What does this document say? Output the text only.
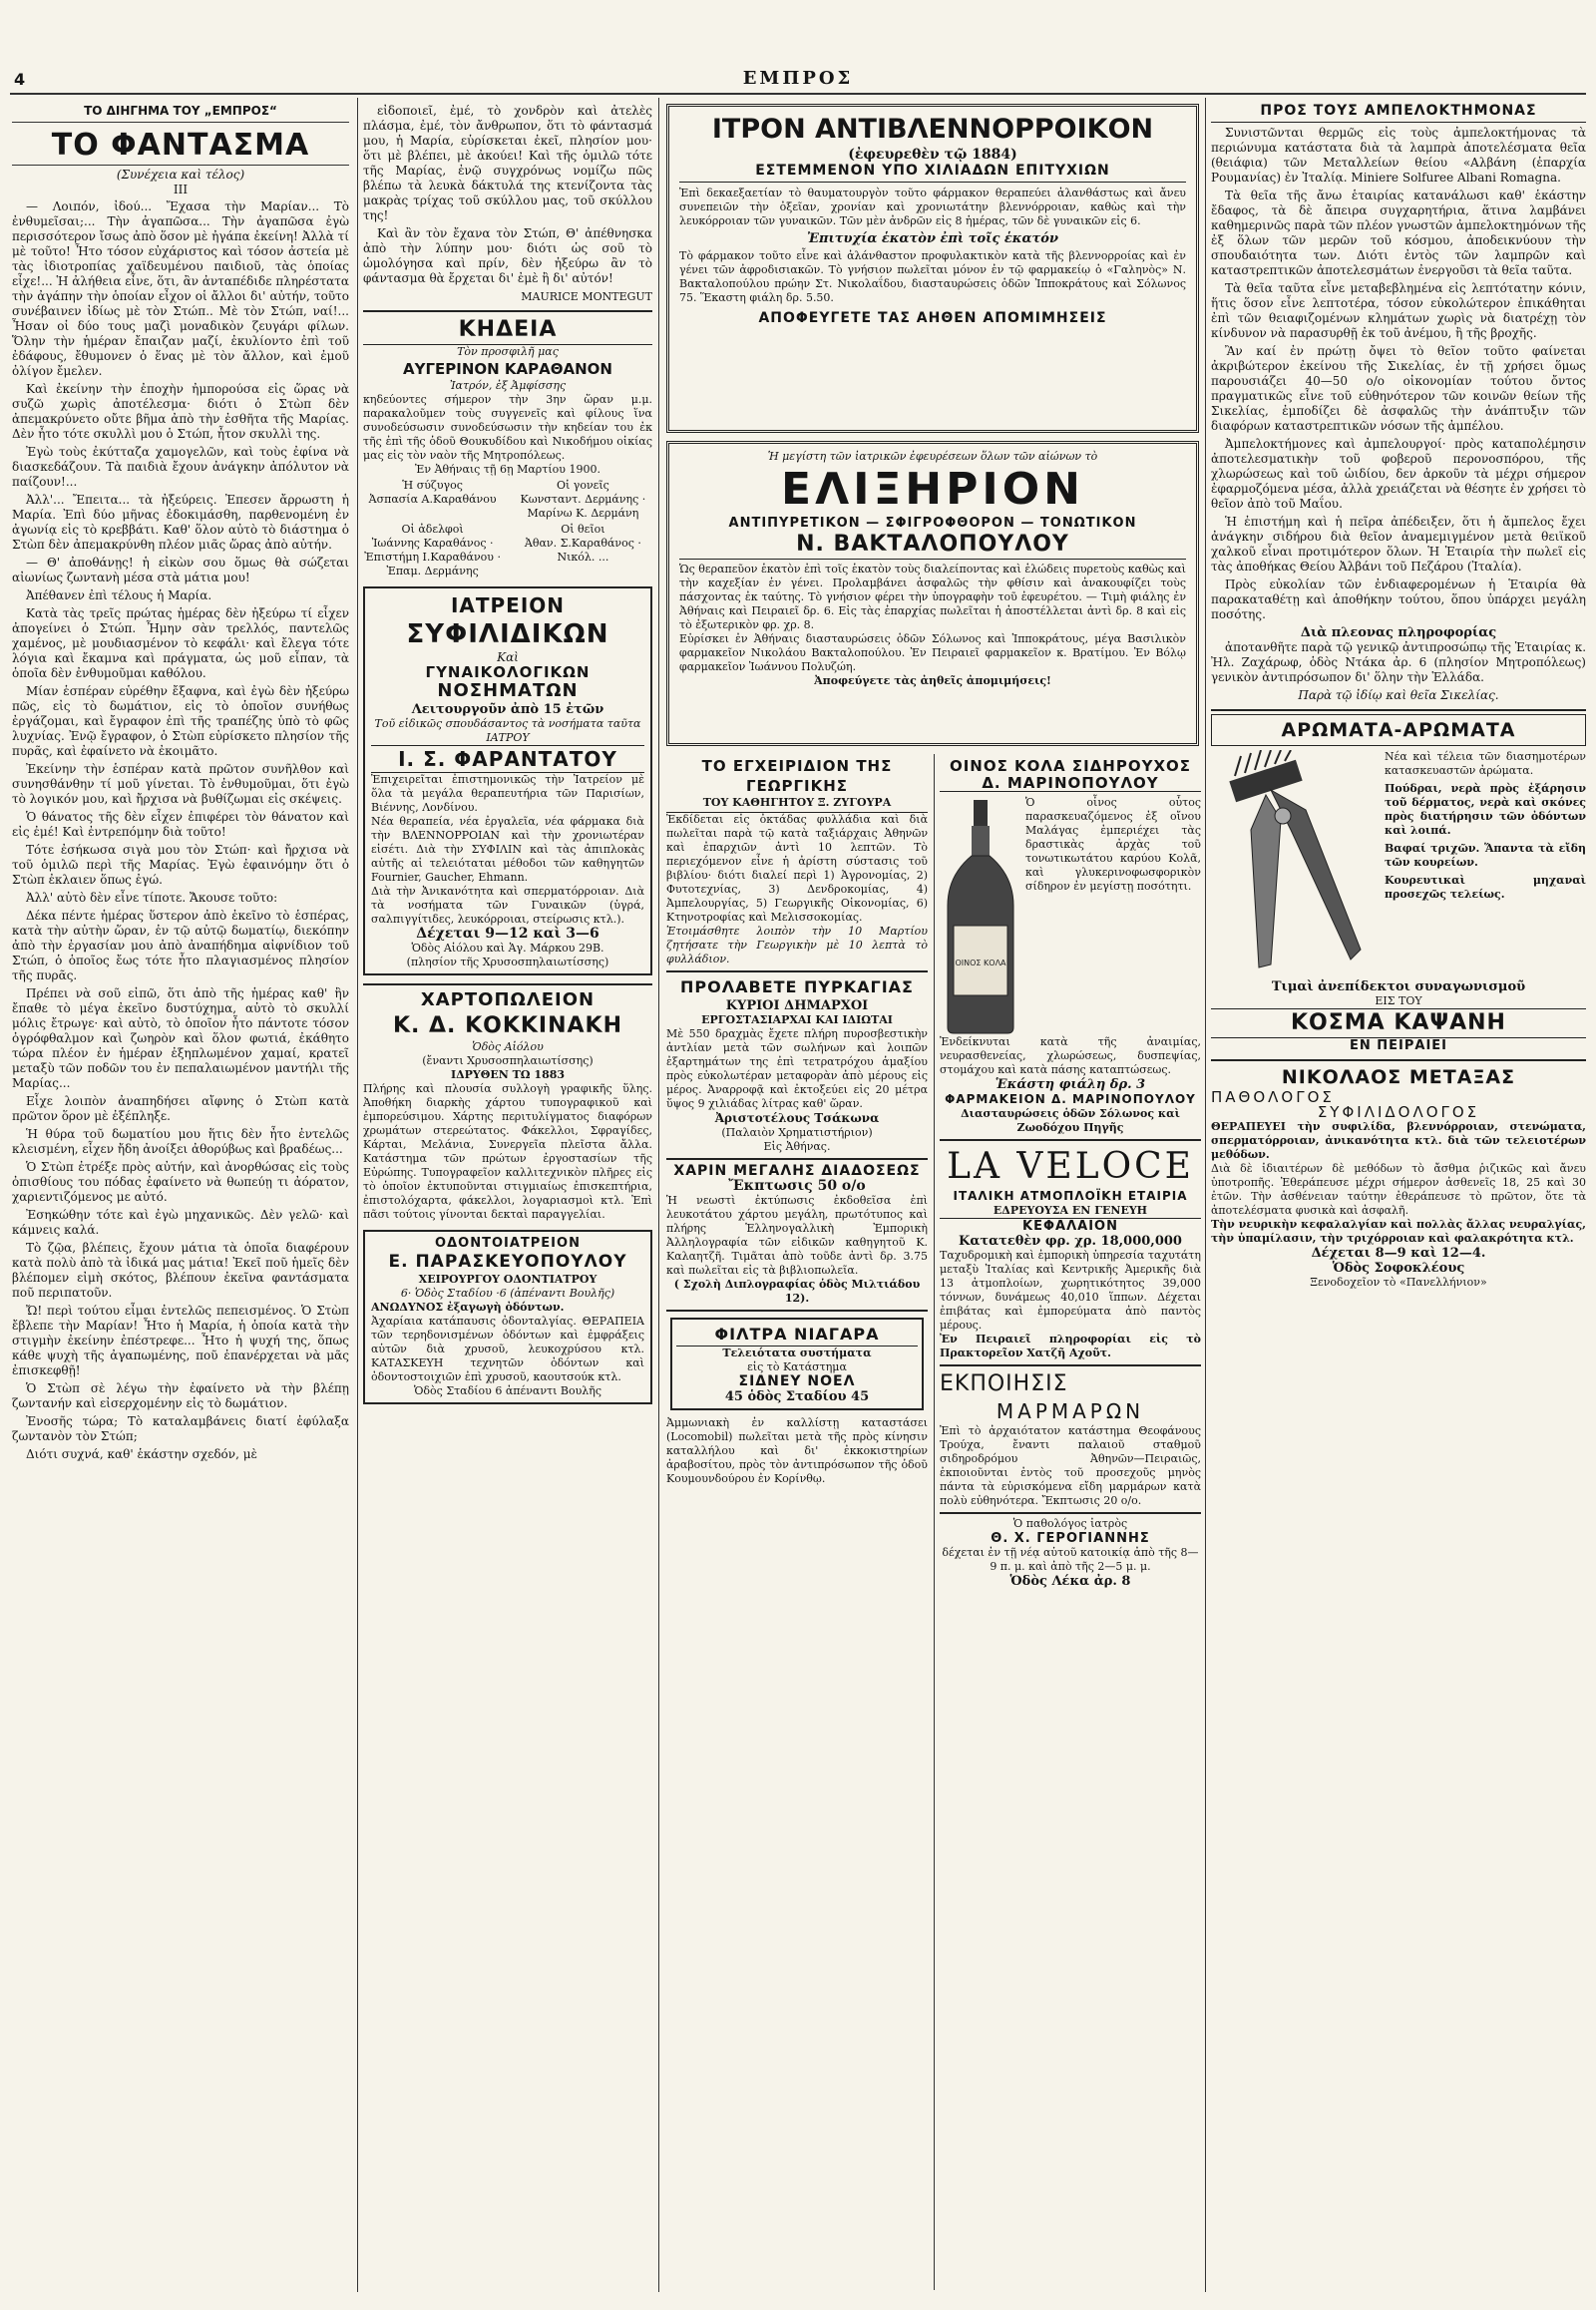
4	ΕΜΠΡΟΣ
ΤΟ ΔΙΗΓΗΜΑ ΤΟΥ „ΕΜΠΡΟΣ“
ΤΟ ΦΑΝΤΑΣΜΑ
(Συνέχεια καὶ τέλος)
III

— Λοιπόν, ἰδού... Ἔχασα τὴν Μαρίαν... Τὸ ἐνθυμεῖσαι;... Τὴν ἀγαπῶσα... Τὴν ἀγαπῶσα ἐγὼ περισσότερον ἴσως ἀπὸ ὅσον μὲ ἠγάπα ἐκείνη! Ἀλλὰ τί μὲ τοῦτο! Ἦτο τόσον εὐχάριστος καὶ τόσον ἀστεία μὲ τὰς ἰδιοτροπίας χαϊδευμένου παιδιοῦ, τὰς ὁποίας εἶχε!... Ἡ ἀλήθεια εἶνε, ὅτι, ἂν ἀνταπέδιδε πληρέστατα τὴν ἀγάπην τὴν ὁποίαν εἶχον οἱ ἄλλοι δι' αὐτήν, τοῦτο συνέβαινεν ἰδίως μὲ τὸν Στώπ.. Μὲ τὸν Στώπ, ναί!... Ἦσαν οἱ δύο τους μαζὶ μοναδικὸν ζευγάρι φίλων. Ὅλην τὴν ἡμέραν ἔπαιζαν μαζί, ἐκυλίοντο ἐπὶ τοῦ ἐδάφους, ἔθυμονεν ὁ ἕνας μὲ τὸν ἄλλον, καὶ ἐμοῦ ὀλίγον ἔμελεν.

Καὶ ἐκείνην τὴν ἐποχὴν ἠμπορούσα εἰς ὥρας νὰ συζῶ χωρὶς ἀποτέλεσμα· διότι ὁ Στὼπ δὲν ἀπεμακρύνετο οὔτε βῆμα ἀπὸ τὴν ἐσθῆτα τῆς Μαρίας. Δὲν ἦτο τότε σκυλλὶ μου ὁ Στώπ, ἦτον σκυλλὶ της.

Ἐγὼ τοὺς ἐκύτταζα χαμογελῶν, καὶ τοὺς ἐφίνα νὰ διασκεδάζουν. Τὰ παιδιὰ ἔχουν ἀνάγκην ἀπόλυτον νὰ παίζουν!...

Ἀλλ'... Ἔπειτα... τὰ ἠξεύρεις. Ἐπεσεν ἄρρωστη ἡ Μαρία. Ἐπὶ δύο μῆνας ἐδοκιμάσθη, παρθενομένη ἐν ἀγωνίᾳ εἰς τὸ κρεββάτι. Καθ' ὅλον αὐτὸ τὸ διάστημα ὁ Στὼπ δὲν ἀπεμακρύνθη πλέον μιᾶς ὥρας ἀπὸ αὐτήν.

— Θ' ἀποθάνῃς! ἡ εἰκὼν σου ὅμως θὰ σώζεται αἰωνίως ζωντανὴ μέσα στὰ μάτια μου!

Ἀπέθανεν ἐπὶ τέλους ἡ Μαρία.

Κατὰ τὰς τρεῖς πρώτας ἡμέρας δὲν ἠξεύρω τί εἶχεν ἀπογείνει ὁ Στώπ. Ἦμην σὰν τρελλός, παντελῶς χαμένος, μὲ μουδιασμένον τὸ κεφάλι· καὶ ἔλεγα τότε λόγια καὶ ἔκαμνα καὶ πράγματα, ὡς μοῦ εἶπαν, τὰ ὁποῖα δὲν ἐνθυμοῦμαι καθόλου.

Μίαν ἑσπέραν εὑρέθην ἔξαφνα, καὶ ἐγὼ δὲν ἠξεύρω πῶς, εἰς τὸ δωμάτιον, εἰς τὸ ὁποῖον συνήθως ἐργάζομαι, καὶ ἔγραφον ἐπὶ τῆς τραπέζης ὑπὸ τὸ φῶς λυχνίας. Ἐνῷ ἔγραφον, ὁ Στὼπ εὑρίσκετο πλησίον τῆς πυρᾶς, καὶ ἐφαίνετο νὰ ἐκοιμᾶτο.

Ἐκείνην τὴν ἑσπέραν κατὰ πρῶτον συνῆλθον καὶ συνησθάνθην τί μοῦ γίνεται. Τὸ ἐνθυμοῦμαι, ὅτι ἐγὼ τὸ λογικόν μου, καὶ ἤρχισα νὰ βυθίζωμαι εἰς σκέψεις.

Ὁ θάνατος τῆς δὲν εἶχεν ἐπιφέρει τὸν θάνατον καὶ εἰς ἐμέ! Καὶ ἐντρεπόμην διὰ τοῦτο!

Τότε ἐσήκωσα σιγὰ μου τὸν Στώπ· καὶ ἤρχισα νὰ τοῦ ὁμιλῶ περὶ τῆς Μαρίας. Ἐγὼ ἐφαινόμην ὅτι ὁ Στὼπ ἐκλαιεν ὅπως ἐγώ.

Ἀλλ' αὐτὸ δὲν εἶνε τίποτε. Ἄκουσε τοῦτο:

Δέκα πέντε ἡμέρας ὕστερον ἀπὸ ἐκεῖνο τὸ ἑσπέρας, κατὰ τὴν αὐτὴν ὥραν, ἐν τῷ αὐτῷ δωματίῳ, διεκόπην ἀπὸ τὴν ἐργασίαν μου ἀπὸ ἀναπήδημα αἰφνίδιον τοῦ Στώπ, ὁ ὁποῖος ἔως τότε ἦτο πλαγιασμένος πλησίον τῆς πυρᾶς.

Πρέπει νὰ σοῦ εἰπῶ, ὅτι ἀπὸ τῆς ἡμέρας καθ' ἣν ἔπαθε τὸ μέγα ἐκεῖνο δυστύχημα, αὐτὸ τὸ σκυλλί μόλις ἔτρωγε· καὶ αὐτὸ, τὸ ὁποῖον ἦτο πάντοτε τόσον ὀγρόφθαλμον καὶ ζωηρὸν καὶ ὅλον φωτιά, ἐκάθητο τώρα πλέον ἐν ἡμέραν ἐξηπλωμένον χαμαί, κρατεῖ μεταξὺ τῶν ποδῶν του ἐν πεπαλαιωμένον μαντήλι τῆς Μαρίας...

Εἶχε λοιπὸν ἀναπηδήσει αἴφνης ὁ Στὼπ κατὰ πρῶτον ὅρον μὲ ἐξέπληξε.

Ἡ θύρα τοῦ δωματίου μου ἥτις δὲν ἦτο ἐντελῶς κλεισμένη, εἶχεν ἤδη ἀνοίξει ἀθορύβως καὶ βραδέως...

Ὁ Στὼπ ἐτρέξε πρὸς αὐτήν, καὶ ἀνορθώσας εἰς τοὺς ὀπισθίους του πόδας ἐφαίνετο νὰ θωπεύῃ τι ἀόρατον, χαριεντιζόμενος με αὐτό.

Ἐσηκώθην τότε καὶ ἐγὼ μηχανικῶς. Δὲν γελῶ· καὶ κάμνεις καλά.

Τὸ ζῷα, βλέπεις, ἔχουν μάτια τὰ ὁποῖα διαφέρουν κατὰ πολὺ ἀπὸ τὰ ἰδικά μας μάτια! Ἐκεῖ ποῦ ἡμεῖς δὲν βλέπομεν εἰμὴ σκότος, βλέπουν ἐκεῖνα φαντάσματα ποῦ περιπατοῦν.

Ὤ! περὶ τούτου εἶμαι ἐντελῶς πεπεισμένος. Ὁ Στὼπ ἔβλεπε τὴν Μαρίαν! Ἦτο ἡ Μαρία, ἡ ὁποία κατὰ τὴν στιγμὴν ἐκείνην ἐπέστρεφε... Ἦτο ἡ ψυχή της, ὅπως κάθε ψυχὴ τῆς ἀγαπωμένης, ποῦ ἐπανέρχεται νὰ μᾶς ἐπισκεφθῇ!

Ὁ Στὼπ σὲ λέγω τὴν ἐφαίνετο νὰ τὴν βλέπῃ ζωντανήν καὶ εἰσερχομένην εἰς τὸ δωμάτιον.

Ἐνοσῆς τώρα; Τὸ καταλαμβάνεις διατί ἐφύλαξα ζωντανὸν τὸν Στώπ;

Διότι συχνά, καθ' ἑκάστην σχεδόν, μὲ

εἰδοποιεῖ, ἐμέ, τὸ χονδρὸν καὶ ἀτελὲς πλάσμα, ἐμέ, τὸν ἄνθρωπον, ὅτι τὸ φάντασμά μου, ἡ Μαρία, εὑρίσκεται ἐκεῖ, πλησίον μου· ὅτι μὲ βλέπει, μὲ ἀκούει! Καὶ τῆς ὁμιλῶ τότε τῆς Μαρίας, ἐνῷ συγχρόνως νομίζω πῶς βλέπω τὰ λευκὰ δάκτυλά της κτενίζοντα τὰς μακρὰς τρίχας τοῦ σκύλλου μας, τοῦ σκύλλου της!

Καὶ ἂν τὸν ἔχανα τὸν Στώπ, Θ' ἀπέθνησκα ἀπὸ τὴν λύπην μου· διότι ὡς σοῦ τὸ ὡμολόγησα καὶ πρίν, δὲν ἠξεύρω ἂν τὸ φάντασμα θὰ ἔρχεται δι' ἐμὲ ἢ δι' αὐτόν!

MAURICE MONTEGUT
ΚΗΔΕΙΑ
Τὸν προσφιλῆ μας
ΑΥΓΕΡΙΝΟΝ ΚΑΡΑΘΑΝΟΝ
Ἰατρόν, ἐξ Ἀμφίσσης
κηδεύοντες σήμερον τὴν 3ην ὥραν μ.μ. παρακαλοῦμεν τοὺς συγγενεῖς καὶ φίλους ἵνα συνοδεύσωσιν συνοδεύσωσιν τὴν κηδείαν του ἐκ τῆς ἐπὶ τῆς ὁδοῦ Θουκυδίδου καὶ Νικοδήμου οἰκίας μας εἰς τὸν ναὸν τῆς Μητροπόλεως.
Ἐν Ἀθήναις τῇ 6ῃ Μαρτίου 1900.
Ἡ σύζυγος
Ἀσπασία Α.Καραθάνου
Οἱ γονεῖς
Κωνσταντ. Δερμάνης · Μαρίνω Κ. Δερμάνη
Οἱ ἀδελφοὶ
Ἰωάννης Καραθάνος · Ἐπιστήμη Ι.Καραθάνου · Ἐπαμ. Δερμάνης
Οἱ θεῖοι
Ἀθαν. Σ.Καραθάνος · Νικόλ. ...
ΙΑΤΡΕΙΟΝ
ΣΥΦΙΛΙΔΙΚΩΝ
Καὶ
ΓΥΝΑΙΚΟΛΟΓΙΚΩΝ
ΝΟΣΗΜΑΤΩΝ
Λειτουργοῦν ἀπὸ 15 ἐτῶν
Τοῦ εἰδικῶς σπουδάσαντος τὰ νοσήματα ταῦτα ΙΑΤΡΟΥ
Ι. Σ. ΦΑΡΑΝΤΑΤΟΥ
Ἐπιχειρεῖται ἐπιστημονικῶς τὴν Ἰατρείον μὲ ὅλα τὰ μεγάλα θεραπευτήρια τῶν Παρισίων, Βιέννης, Λονδίνου.
Νέα θεραπεία, νέα ἐργαλεῖα, νέα φάρμακα διὰ τὴν ΒΛΕΝΝΟΡΡΟΙΑΝ καὶ τὴν χρονιωτέραν εἰσέτι. Διὰ τὴν ΣΥΦΙΛΙΝ καὶ τὰς ἀπιπλοκὰς αὐτῆς αἱ τελειόταται μέθοδοι τῶν καθηγητῶν Fournier, Gaucher, Ehmann.
Διὰ τὴν Ἀνικανότητα καὶ σπερματόρροιαν. Διὰ τὰ νοσήματα τῶν Γυναικῶν (ὑγρά, σαλπιγγίτιδες, λευκόρροιαι, στείρωσις κτλ.).
Δέχεται 9—12 καὶ 3—6
Ὁδὸς Αἰόλου καὶ Ἁγ. Μάρκου 29Β.
(πλησίον τῆς Χρυσοσπηλαιωτίσσης)
ΧΑΡΤΟΠΩΛΕΙΟΝ
Κ. Δ. ΚΟΚΚΙΝΑΚΗ
Ὁδὸς Αἰόλου
(ἔναντι Χρυσοσπηλαιωτίσσης)
ΙΔΡΥΘΕΝ ΤΩ 1883
Πλήρης καὶ πλουσία συλλογὴ γραφικῆς ὕλης. Ἀποθήκη διαρκὴς χάρτου τυπογραφικοῦ καὶ ἐμπορεύσιμου. Χάρτης περιτυλίγματος διαφόρων χρωμάτων στερεώτατος. Φάκελλοι, Σφραγίδες, Κάρται, Μελάνια, Συνεργεῖα πλεῖστα ἄλλα. Κατάστημα τῶν πρώτων ἐργοστασίων τῆς Εὐρώπης. Τυπογραφεῖον καλλιτεχνικὸν πλῆρες εἰς τὸ ὁποῖον ἐκτυποῦνται στιγμιαίως ἐπισκεπτήρια, ἐπιστολόχαρτα, φάκελλοι, λογαριασμοὶ κτλ. Ἐπὶ πᾶσι τούτοις γίνονται δεκταὶ παραγγελίαι.
ΟΔΟΝΤΟΙΑΤΡΕΙΟΝ
Ε. ΠΑΡΑΣΚΕΥΟΠΟΥΛΟΥ
ΧΕΙΡΟΥΡΓΟΥ ΟΔΟΝΤΙΑΤΡΟΥ
6· Ὁδὸς Σταδίου ·6 (ἀπέναντι Βουλῆς)
ΑΝΩΔΥΝΟΣ ἐξαγωγὴ ὀδόντων.
Ἀχαρίαια κατάπαυσις ὀδονταλγίας. ΘΕΡΑΠΕΙΑ τῶν τερηδονισμένων ὀδόντων καὶ ἐμφράξεις αὐτῶν διὰ χρυσοῦ, λευκοχρύσου κτλ. ΚΑΤΑΣΚΕΥΗ τεχνητῶν ὀδόντων καὶ ὀδοντοστοιχιῶν ἐπὶ χρυσοῦ, καουτσούκ κτλ.
Ὁδὸς Σταδίου 6 ἀπέναντι Βουλῆς
ΙΤΡΟΝ ΑΝΤΙΒΛΕΝΝΟΡΡΟΙΚΟΝ
(ἐφευρεθὲν τῷ 1884)
ΕΣΤΕΜΜΕΝΟΝ ΥΠΟ ΧΙΛΙΑΔΩΝ ΕΠΙΤΥΧΙΩΝ
Ἐπὶ δεκαεξαετίαν τὸ θαυματουργὸν τοῦτο φάρμακον θεραπεύει ἀλανθάστως καὶ ἄνευ συνεπειῶν τὴν ὀξεῖαν, χρονίαν καὶ χρονιωτάτην βλεννόρροιαν, καθὼς καὶ τὴν λευκόρροιαν τῶν γυναικῶν. Τῶν μὲν ἀνδρῶν εἰς 8 ἡμέρας, τῶν δὲ γυναικῶν εἰς 6.
Ἐπιτυχία ἑκατὸν ἐπὶ τοῖς ἑκατόν
Τὸ φάρμακον τοῦτο εἶνε καὶ ἀλάνθαστον προφυλακτικὸν κατὰ τῆς βλεννορροίας καὶ ἐν γένει τῶν ἀφροδισιακῶν. Τὸ γνήσιον πωλεῖται μόνον ἐν τῷ φαρμακείῳ ὁ «Γαληνὸς» Ν. Βακταλοπούλου πρώην Στ. Νικολαΐδου, διασταυρώσεις ὁδῶν Ἱπποκράτους καὶ Σόλωνος 75. Ἕκαστη φιάλη δρ. 5.50.
ΑΠΟΦΕΥΓΕΤΕ ΤΑΣ ΑΗΘΕΝ ΑΠΟΜΙΜΗΣΕΙΣ
Ἡ μεγίστη τῶν ἰατρικῶν ἐφευρέσεων ὅλων τῶν αἰώνων τὸ
ΕΛΙΞΗΡΙΟΝ
ΑΝΤΙΠΥΡΕΤΙΚΟΝ — ΣΦΙΓΡΟΦΘΟΡΟΝ — ΤΟΝΩΤΙΚΟΝ
Ν. ΒΑΚΤΑΛΟΠΟΥΛΟΥ
Ὡς θεραπεῦον ἑκατὸν ἐπὶ τοῖς ἑκατὸν τοὺς διαλείποντας καὶ ἑλώδεις πυρετοὺς καθὼς καὶ τὴν καχεξίαν ἐν γένει. Προλαμβάνει ἀσφαλῶς τὴν φθίσιν καὶ ἀνακουφίζει τοὺς πάσχοντας ἐκ ταύτης. Τὸ γνήσιον φέρει τὴν ὑπογραφὴν τοῦ ἐφευρέτου. — Τιμὴ φιάλης ἐν Ἀθήναις καὶ Πειραιεῖ δρ. 6. Εἰς τὰς ἐπαρχίας πωλεῖται ἡ ἀποστέλλεται ἀντὶ δρ. 8 καὶ εἰς τὸ ἐξωτερικὸν φρ. χρ. 8.
Εὑρίσκει ἐν Ἀθήναις διασταυρώσεις ὁδῶν Σόλωνος καὶ Ἱπποκράτους, μέγα Βασιλικὸν φαρμακεῖον Νικολάου Βακταλοπούλου. Ἐν Πειραιεῖ φαρμακεῖον κ. Βρατίμου. Ἐν Βόλῳ φαρμακεῖον Ἰωάννου Πολυζώη.
Ἀποφεύγετε τὰς ἀηθεῖς ἀπομιμήσεις!
ΤΟ ΕΓΧΕΙΡΙΔΙΟΝ ΤΗΣ ΓΕΩΡΓΙΚΗΣ
ΤΟΥ ΚΑΘΗΓΗΤΟΥ Ξ. ΖΥΓΟΥΡΑ
Ἐκδίδεται εἰς ὀκτάδας φυλλάδια καὶ διὰ πωλεῖται παρὰ τῷ κατὰ ταξιάρχαις Ἀθηνῶν καὶ ἐπαρχιῶν ἀντὶ 10 λεπτῶν. Τὸ περιεχόμενον εἶνε ἡ ἀρίστη σύστασις τοῦ βιβλίου· διότι διαλεί περὶ 1) Ἀγρονομίας, 2) Φυτοτεχνίας, 3) Δενδροκομίας, 4) Ἀμπελουργίας, 5) Γεωργικῆς Οἰκονομίας, 6) Κτηνοτροφίας καὶ Μελισσοκομίας.
Ἑτοιμάσθητε λοιπὸν τὴν 10 Μαρτίου ζητήσατε τὴν Γεωργικὴν μὲ 10 λεπτὰ τὸ φυλλάδιον.
ΠΡΟΛΑΒΕΤΕ ΠΥΡΚΑΓΙΑΣ
ΚΥΡΙΟΙ ΔΗΜΑΡΧΟΙ
ΕΡΓΟΣΤΑΣΙΑΡΧΑΙ ΚΑΙ ΙΔΙΩΤΑΙ
Μὲ 550 δραχμὰς ἔχετε πλήρη πυροσβεστικὴν ἀντλίαν μετὰ τῶν σωλήνων καὶ λοιπῶν ἐξαρτημάτων της ἐπὶ τετρατρόχου ἁμαξίου πρὸς εὐκολωτέραν μεταφορὰν ἀπὸ μέρους εἰς μέρος. Ἀναρροφᾷ καὶ ἐκτοξεύει εἰς 20 μέτρα ὕψος 9 χιλιάδας λίτρας καθ' ὥραν.
Ἀριστοτέλους Τσάκωνα
(Παλαιὸν Χρηματιστήριον)
Εἰς Ἀθήνας.
ΧΑΡΙΝ ΜΕΓΑΛΗΣ ΔΙΑΔΟΣΕΩΣ
Ἔκπτωσις 50 ο/ο
Ἡ νεωστὶ ἐκτύπωσις ἐκδοθεῖσα ἐπὶ λευκοτάτου χάρτου μεγάλη, πρωτότυπος καὶ πλήρης Ἑλληνογαλλικὴ Ἐμπορικὴ Ἀλληλογραφία τῶν εἰδικῶν καθηγητοῦ Κ. Καλαητζῆ. Τιμᾶται ἀπὸ τοῦδε ἀντὶ δρ. 3.75 καὶ πωλεῖται εἰς τὰ βιβλιοπωλεῖα.
( Σχολὴ Διπλογραφίας ὁδὸς Μιλτιάδου 12).
ΦΙΛΤΡΑ ΝΙΑΓΑΡΑ
Τελειότατα συστήματα
εἰς τὸ Κατάστημα
ΣΙΔΝΕΥ ΝΟΕΛ
45 ὁδὸς Σταδίου 45
Ἀμμωνιακὴ ἐν καλλίστῃ καταστάσει (Locomobil) πωλεῖται μετὰ τῆς πρὸς κίνησιν καταλλήλου καὶ δι' ἐκκοκιστηρίων ἀραβοσίτου, πρὸς τὸν ἀντιπρόσωπον τῆς ὁδοῦ Κουμουνδούρου ἐν Κορίνθῳ.
ΟΙΝΟΣ ΚΟΛΑ ΣΙΔΗΡΟΥΧΟΣ
Δ. ΜΑΡΙΝΟΠΟΥΛΟΥ
ΟΙΝΟΣ ΚΟΛΑ
Ὁ οἶνος οὗτος παρασκευαζόμενος ἐξ οἴνου Μαλάγας ἐμπεριέχει τὰς δραστικὰς ἀρχὰς τοῦ τονωτικωτάτου καρύου Κολᾶ, καὶ γλυκερινοφωσφορικὸν σίδηρον ἐν μεγίστῃ ποσότητι.
Ἐνδείκνυται κατὰ τῆς ἀναιμίας, νευρασθενείας, χλωρώσεως, δυσπεψίας, στομάχου καὶ κατὰ πάσης καταπτώσεως.
Ἑκάστη φιάλη δρ. 3
ΦΑΡΜΑΚΕΙΟΝ Δ. ΜΑΡΙΝΟΠΟΥΛΟΥ
Διασταυρώσεις ὁδῶν Σόλωνος καὶ Ζωοδόχου Πηγῆς
LA VELOCE
ΙΤΑΛΙΚΗ ΑΤΜΟΠΛΟΪΚΗ ΕΤΑΙΡΙΑ
ΕΔΡΕΥΟΥΣΑ ΕΝ ΓΕΝΕΥΗ
ΚΕΦΑΛΑΙΟΝ
Κατατεθὲν φρ. χρ. 18,000,000
Ταχυδρομικὴ καὶ ἐμπορικὴ ὑπηρεσία ταχυτάτη μεταξὺ Ἰταλίας καὶ Κεντρικῆς Ἀμερικῆς διὰ 13 ἀτμοπλοίων, χωρητικότητος 39,000 τόννων, δυνάμεως 40,010 ἵππων. Δέχεται ἐπιβάτας καὶ ἐμπορεύματα ἀπὸ παντὸς μέρους.
Ἐν Πειραιεῖ πληροφορίαι εἰς τὸ Πρακτορεῖον Χατζῆ Αχοῦτ.
ΕΚΠΟΙΗΣΙΣ
ΜΑΡΜΑΡΩΝ
Ἐπὶ τὸ ἀρχαιότατον κατάστημα Θεοφάνους Τρούχα, ἔναντι παλαιοῦ σταθμοῦ σιδηροδρόμου Ἀθηνῶν—Πειραιῶς, ἐκποιοῦνται ἐντὸς τοῦ προσεχοῦς μηνὸς πάντα τὰ εὑρισκόμενα εἴδη μαρμάρων κατὰ πολὺ εὐθηνότερα. Ἔκπτωσις 20 ο/ο.
Ὁ παθολόγος ἰατρὸς
Θ. Χ. ΓΕΡΟΓΙΑΝΝΗΣ
δέχεται ἐν τῇ νέᾳ αὐτοῦ κατοικίᾳ ἀπὸ τῆς 8—9 π. μ. καὶ ἀπὸ τῆς 2—5 μ. μ.
Ὁδὸς Λέκα ἀρ. 8
ΠΡΟΣ ΤΟΥΣ ΑΜΠΕΛΟΚΤΗΜΟΝΑΣ

Συνιστῶνται θερμῶς εἰς τοὺς ἀμπελοκτήμονας τὰ περιώνυμα κατάστατα διὰ τὰ λαμπρὰ ἀποτελέσματα θεῖα (θειάφια) τῶν Μεταλλείων θείου «Αλβάνη (ἐπαρχία Ρουμανίας) ἐν Ἰταλίᾳ. Miniere Solfuree Albani Romagna.

Τὰ θεῖα τῆς ἄνω ἑταιρίας κατανάλωσι καθ' ἑκάστην ἔδαφος, τὰ δὲ ἄπειρα συγχαρητήρια, ἅτινα λαμβάνει καθημερινῶς παρὰ τῶν πλέον γνωστῶν ἀμπελοκτημόνων τῆς ἐξ ὅλων τῶν μερῶν τοῦ κόσμου, ἀποδεικνύουν τὴν σπουδαιότητα των. Διότι ἐντὸς τῶν λαμπρῶν καὶ καταστρεπτικῶν ἀποτελεσμάτων ἐνεργοῦσι τὰ θεῖα ταῦτα.

Τὰ θεῖα ταῦτα εἶνε μεταβεβλημένα εἰς λεπτότατην κόνιν, ἥτις ὅσον εἶνε λεπτοτέρα, τόσον εὐκολώτερον ἐπικάθηται ἐπὶ τῶν θειαφιζομένων κλημάτων χωρὶς νὰ διατρέχῃ τὸν κίνδυνον νὰ παρασυρθῇ ἐκ τοῦ ἀνέμου, ἢ τῆς βροχῆς.

Ἂν καί ἐν πρώτῃ ὄψει τὸ θεῖον τοῦτο φαίνεται ἀκριβώτερον ἐκείνου τῆς Σικελίας, ἐν τῇ χρήσει ὅμως παρουσιάζει 40—50 ο/ο οἰκονομίαν τούτου ὄντος πραγματικῶς εἶνε τοῦ εὐθηνότερον τῶν κοινῶν θείων τῆς Σικελίας, ἐμποδίζει δὲ ἀσφαλῶς τὴν ἀνάπτυξιν τῶν διαφόρων καταστρεπτικῶν νόσων τῆς ἀμπέλου.

Ἀμπελοκτήμονες καὶ ἀμπελουργοί· πρὸς καταπολέμησιν ἀποτελεσματικὴν τοῦ φοβεροῦ περονοσπόρου, τῆς χλωρώσεως καὶ τοῦ ὠιδίου, δεν ἀρκοῦν τὰ μέχρι σήμερον ἐφαρμοζόμενα μέσα, ἀλλὰ χρειάζεται νὰ θέσητε ἐν χρήσει τὸ θεῖον ἀπὸ τοῦ Μαΐου.

Ἡ ἐπιστήμη καὶ ἡ πεῖρα ἀπέδειξεν, ὅτι ἡ ἄμπελος ἔχει ἀνάγκην σιδήρου διὰ θεῖον ἀναμεμιγμένον μετὰ θειϊκοῦ χαλκοῦ εἶναι προτιμότερον ὅλων. Ἡ Ἑταιρία τὴν πωλεῖ εἰς τὰς ἀποθήκας Θείου Ἀλβάνι τοῦ Πεζάρου (Ἰταλία).

Πρὸς εὐκολίαν τῶν ἐνδιαφερομένων ἡ Ἑταιρία θὰ παρακαταθέτῃ καὶ ἀποθήκην τούτου, ὅπου ὑπάρχει μεγάλη ποσότης.

Διὰ πλεονας πληροφορίας

ἀποτανθῆτε παρὰ τῷ γενικῷ ἀντιπροσώπῳ τῆς Ἑταιρίας κ. Ἠλ. Ζαχάρωφ, ὁδὸς Ντάκα ἀρ. 6 (πλησίον Μητροπόλεως) γενικὸν ἀντιπρόσωπον δι' ὅλην τὴν Ἑλλάδα.

Παρὰ τῷ ἰδίῳ καὶ θεῖα Σικελίας.
ΑΡΩΜΑΤΑ-ΑΡΩΜΑΤΑ
Νέα καὶ τέλεια τῶν διασημοτέρων κατασκευαστῶν ἀρώματα.
Πούδραι, νερὰ πρὸς ἐξάρησιν τοῦ δέρματος, νερὰ καὶ σκόνες πρὸς διατήρησιν τῶν ὀδόντων καὶ λοιπά.
Βαφαί τριχῶν. Ἅπαντα τὰ εἴδη τῶν κουρείων.
Κουρευτικαὶ μηχαναὶ προσεχῶς τελείως.
Τιμαὶ ἀνεπίδεκτοι συναγωνισμοῦ
ΕΙΣ ΤΟΥ
ΚΟΣΜΑ ΚΑΨΑΝΗ
ΕΝ ΠΕΙΡΑΙΕΙ
ΝΙΚΟΛΑΟΣ ΜΕΤΑΞΑΣ
ΠΑΘΟΛΟΓΟΣ
ΣΥΦΙΛΙΔΟΛΟΓΟΣ
ΘΕΡΑΠΕΥΕΙ τὴν συφιλίδα, βλεννόρροιαν, στενώματα, σπερματόρροιαν, ἀνικανότητα κτλ. διὰ τῶν τελειοτέρων μεθόδων.
Διὰ δὲ ἰδιαιτέρων δὲ μεθόδων τὸ ἄσθμα ῥιζικῶς καὶ ἄνευ ὑποτροπῆς. Ἐθεράπευσε μέχρι σήμερον ἀσθενεῖς 18, 25 καὶ 30 ἐτῶν. Τὴν ἀσθένειαν ταύτην ἐθεράπευσε τὸ πρῶτον, ὅτε τὰ ἀποτελέσματα φυσικὰ καὶ ἀσφαλῆ.
Τὴν νευρικὴν κεφαλαλγίαν καὶ πολλὰς ἄλλας νευραλγίας, τὴν ὑπαμίλασιν, τὴν τριχόρροιαν καὶ φαλακρότητα κτλ.
Δέχεται 8—9 καὶ 12—4.
Ὁδὸς Σοφοκλέους
Ξενοδοχεῖον τὸ «Πανελλήνιον»
